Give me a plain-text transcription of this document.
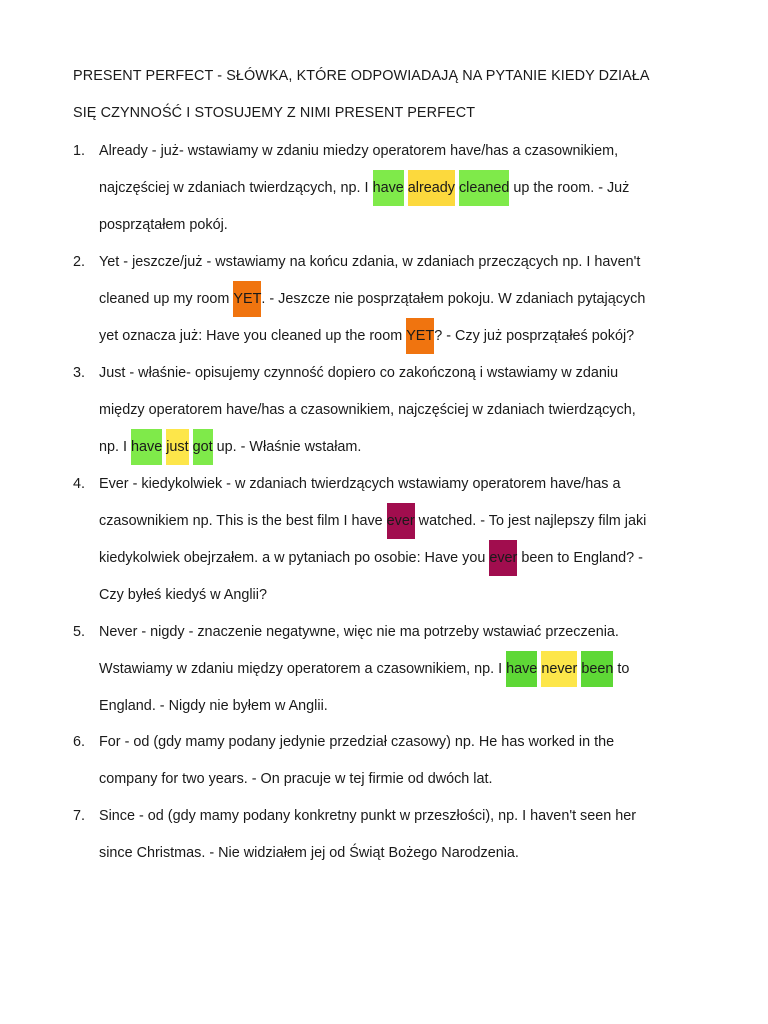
PRESENT PERFECT - SŁÓWKA, KTÓRE ODPOWIADAJĄ NA PYTANIE KIEDY DZIAŁA
SIĘ CZYNNOŚĆ I STOSUJEMY Z NIMI PRESENT PERFECT
1. Already - już- wstawiamy w zdaniu miedzy operatorem have/has a czasownikiem,
najczęściej w zdaniach twierdzących, np. I have already cleaned up the room. - Już
posprzątałem pokój.
2. Yet - jeszcze/już - wstawiamy na końcu zdania, w zdaniach przeczących np. I haven't
cleaned up my room YET. - Jeszcze nie posprzątałem pokoju. W zdaniach pytających
yet oznacza już: Have you cleaned up the room YET? - Czy już posprzątałeś pokój?
3. Just - właśnie- opisujemy czynność dopiero co zakończoną i wstawiamy w zdaniu
między operatorem have/has a czasownikiem, najczęściej w zdaniach twierdzących,
np. I have just got up. - Właśnie wstałam.
4. Ever - kiedykolwiek - w zdaniach twierdzących wstawiamy operatorem have/has a
czasownikiem np. This is the best film I have ever watched. - To jest najlepszy film jaki
kiedykolwiek obejrzałem. a w pytaniach po osobie: Have you ever been to England? -
Czy byłeś kiedyś w Anglii?
5. Never - nigdy - znaczenie negatywne, więc nie ma potrzeby wstawiać przeczenia.
Wstawiamy w zdaniu między operatorem a czasownikiem, np. I have never been to
England. - Nigdy nie byłem w Anglii.
6. For - od (gdy mamy podany jedynie przedział czasowy) np. He has worked in the
company for two years. - On pracuje w tej firmie od dwóch lat.
7. Since - od (gdy mamy podany konkretny punkt w przeszłości), np. I haven't seen her
since Christmas. - Nie widziałem jej od Świąt Bożego Narodzenia.
